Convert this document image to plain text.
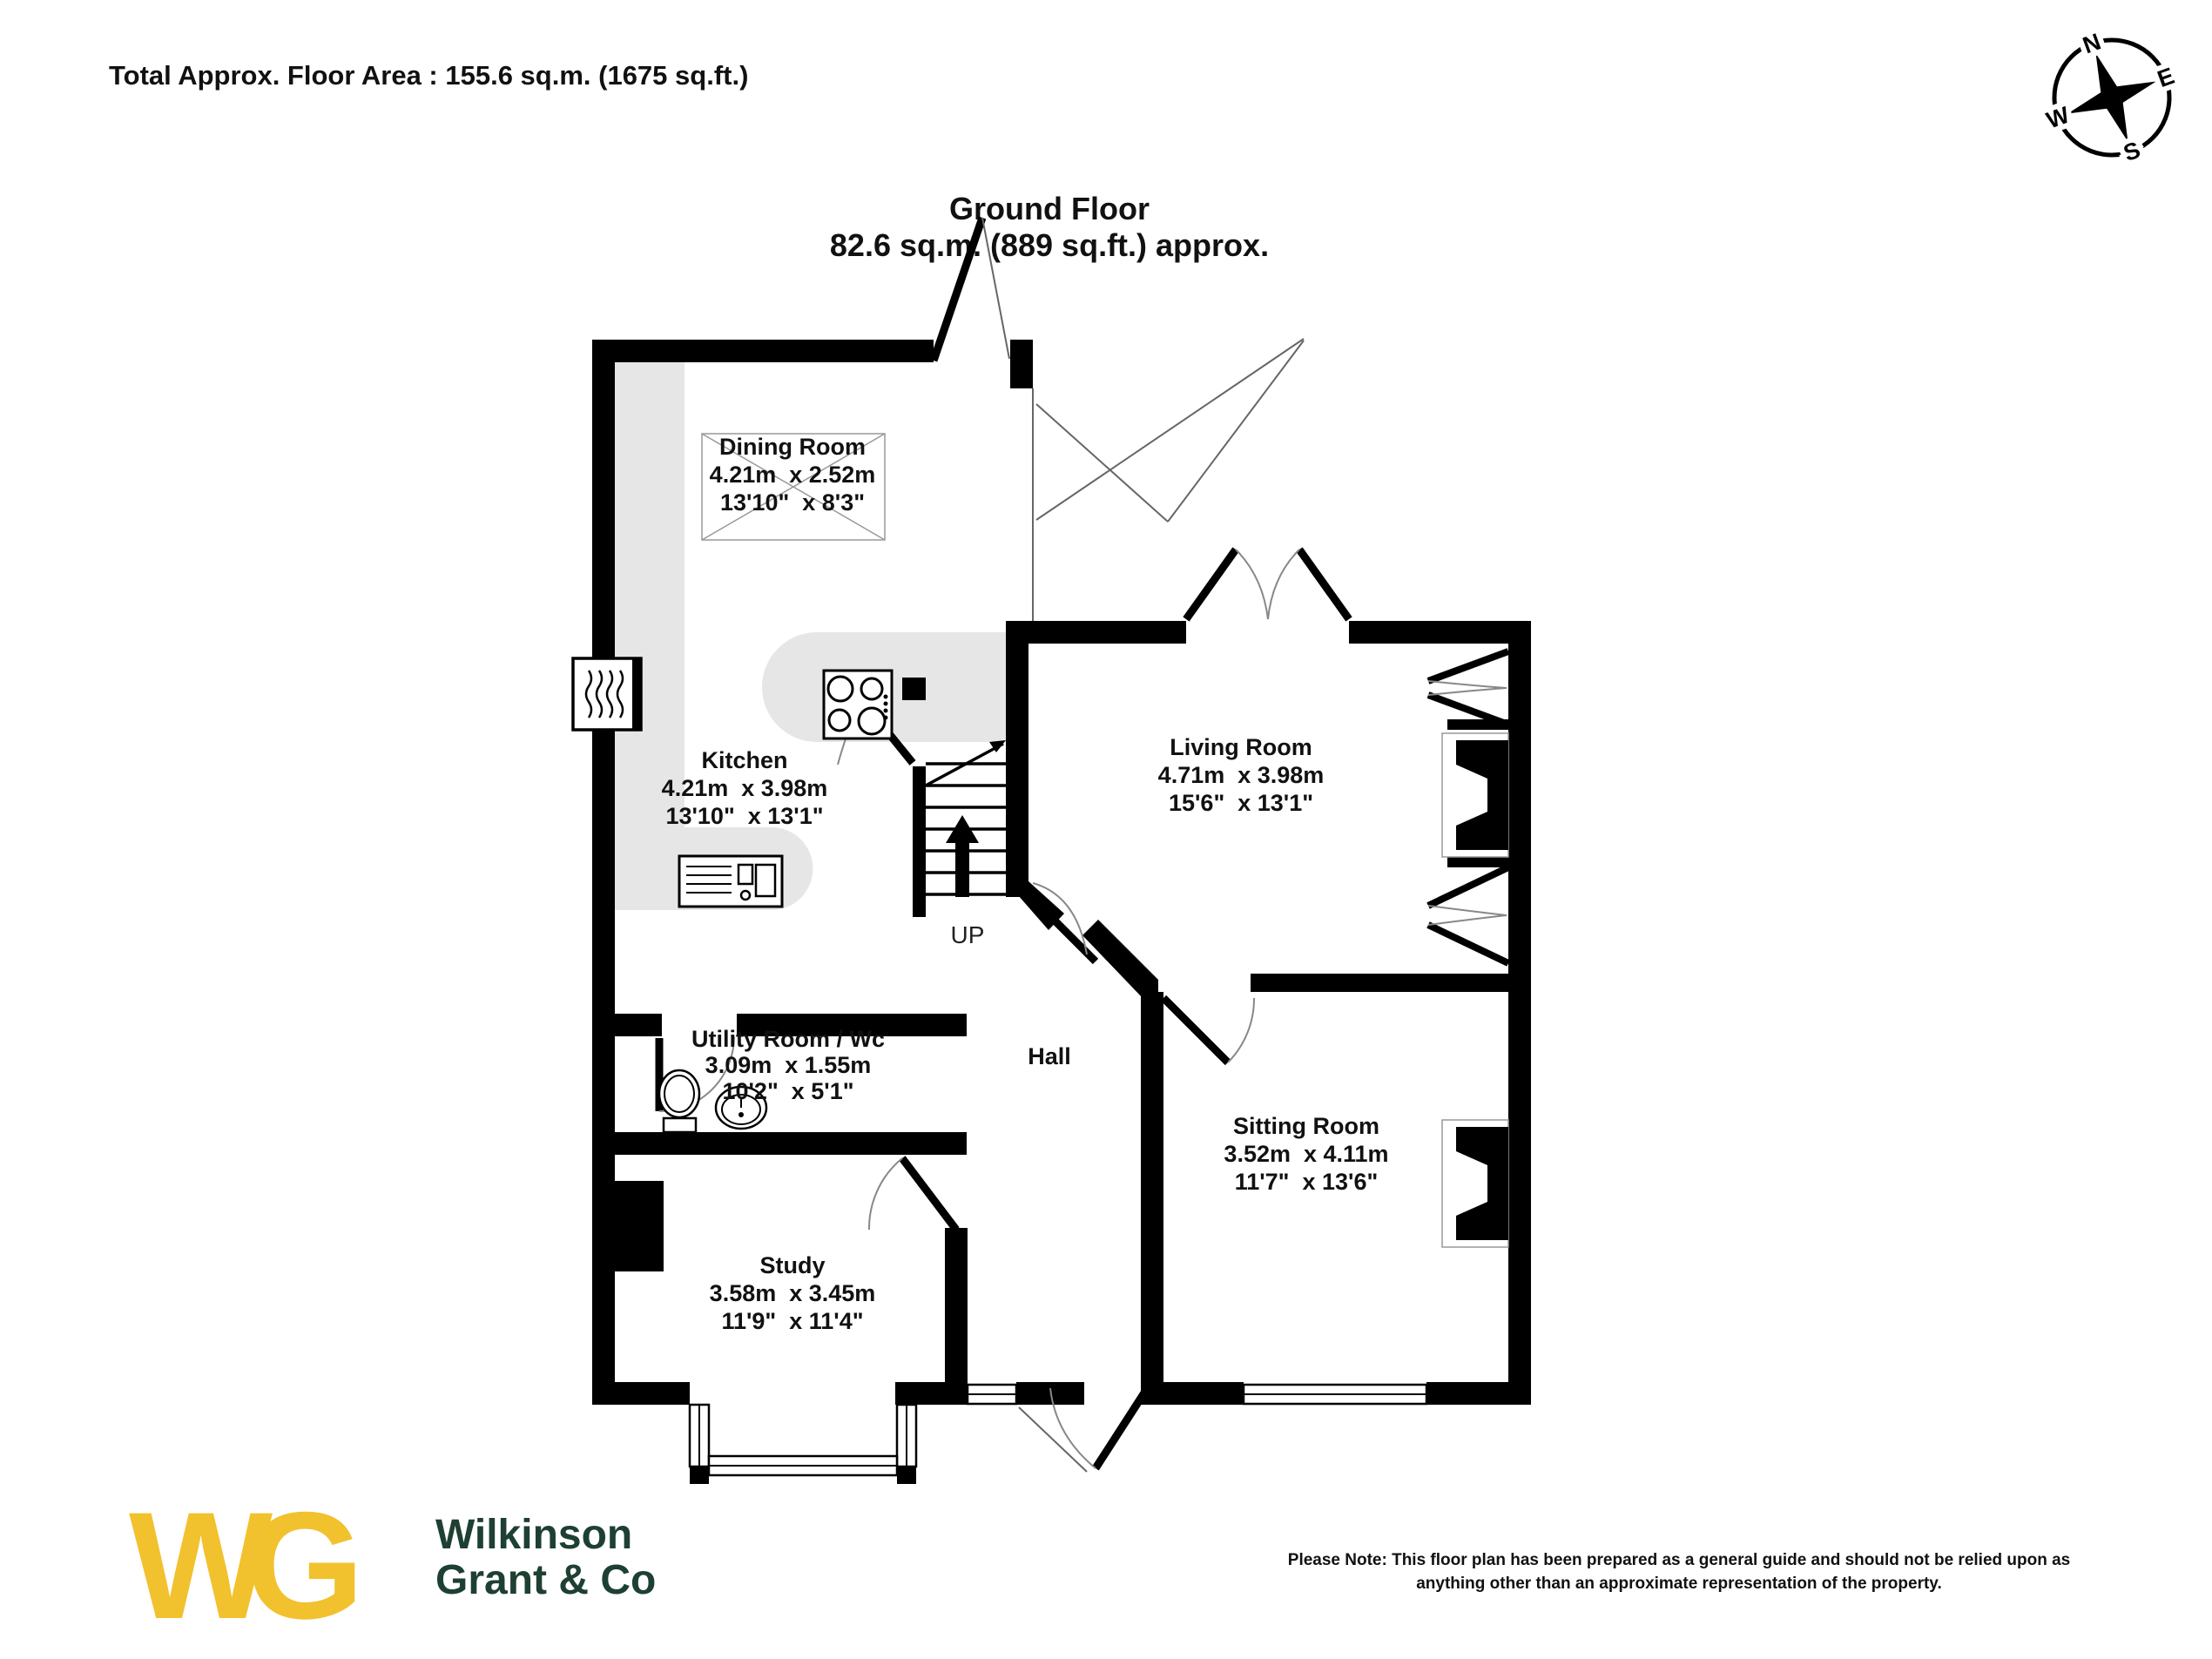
Total Approx. Floor Area : 155.6 sq.m. (1675 sq.ft.)
N
E
S
W
Ground Floor
82.6 sq.m. (889 sq.ft.) approx.
UP
Dining Room
4.21m  x 2.52m
13'10"  x 8'3"
Kitchen
4.21m  x 3.98m
13'10"  x 13'1"
Living Room
4.71m  x 3.98m
15'6"  x 13'1"
Utility Room / Wc
3.09m  x 1.55m
10'2"  x 5'1"
Hall
Sitting Room
3.52m  x 4.11m
11'7"  x 13'6"
Study
3.58m  x 3.45m
11'9"  x 11'4"
W
G Wilkinson
Grant & Co	Please Note: This floor plan has been prepared as a general guide and should not be relied upon as
anything other than an approximate representation of the property.
